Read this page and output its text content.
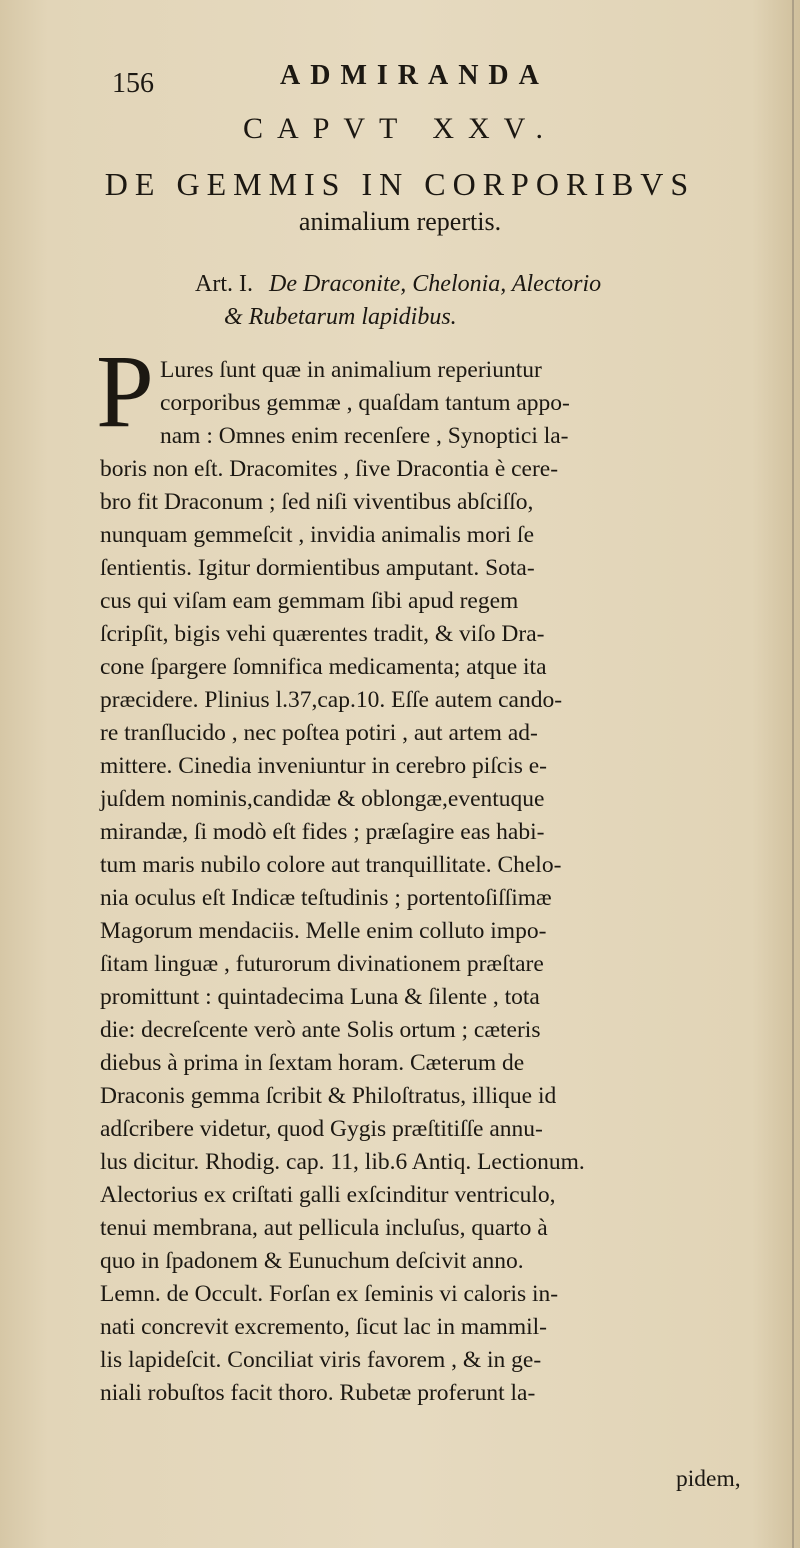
156	ADMIRANDA
CAPVT XXV.
DE GEMMIS IN CORPORIBVS
animalium repertis.
Art. I. De Draconite, Chelonia, Alectorio
& Rubetarum lapidibus.
P Lures ſunt quæ in animalium reperiuntur
corporibus gemmæ , quaſdam tantum appo-
nam : Omnes enim recenſere , Synoptici la-
boris non eſt. Dracomites , ſive Dracontia è cere-
bro fit Draconum ; ſed niſi viventibus abſciſſo,
nunquam gemmeſcit , invidia animalis mori ſe
ſentientis. Igitur dormientibus amputant. Sota-
cus qui viſam eam gemmam ſibi apud regem
ſcripſit, bigis vehi quærentes tradit, & viſo Dra-
cone ſpargere ſomnifica medicamenta; atque ita
præcidere. Plinius l.37,cap.10. Eſſe autem cando-
re tranſlucido , nec poſtea potiri , aut artem ad-
mittere. Cinedia inveniuntur in cerebro piſcis e-
juſdem nominis,candidæ & oblongæ,eventuque
mirandæ, ſi modò eſt fides ; præſagire eas habi-
tum maris nubilo colore aut tranquillitate. Chelo-
nia oculus eſt Indicæ teſtudinis ; portentoſiſſimæ
Magorum mendaciis. Melle enim colluto impo-
ſitam linguæ , futurorum divinationem præſtare
promittunt : quintadecima Luna & ſilente , tota
die: decreſcente verò ante Solis ortum ; cæteris
diebus à prima in ſextam horam. Cæterum de
Draconis gemma ſcribit & Philoſtratus, illique id
adſcribere videtur, quod Gygis præſtitiſſe annu-
lus dicitur. Rhodig. cap. 11, lib.6 Antiq. Lectionum.
Alectorius ex criſtati galli exſcinditur ventriculo,
tenui membrana, aut pellicula incluſus, quarto à
quo in ſpadonem & Eunuchum deſcivit anno.
Lemn. de Occult. Forſan ex ſeminis vi caloris in-
nati concrevit excremento, ſicut lac in mammil-
lis lapideſcit. Conciliat viris favorem , & in ge-
niali robuſtos facit thoro. Rubetæ proferunt la-
pidem,
